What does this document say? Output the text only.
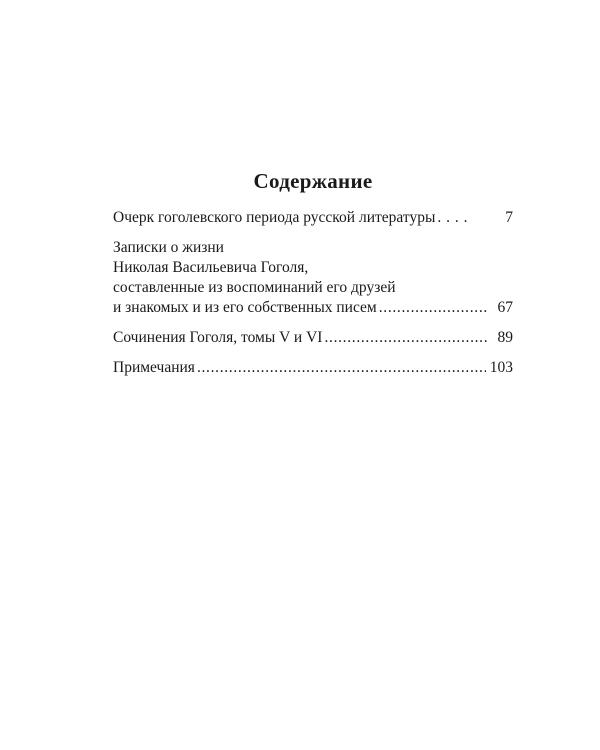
Содержание
Очерк гоголевского периода русской литературы . . . .	7
Записки о жизни
Николая Васильевича Гоголя,
составленные из воспоминаний его друзей
и знакомых и из его собственных писем . . .	67
Сочинения Гоголя, томы V и VI . . .	89
Примечания . . .	103
